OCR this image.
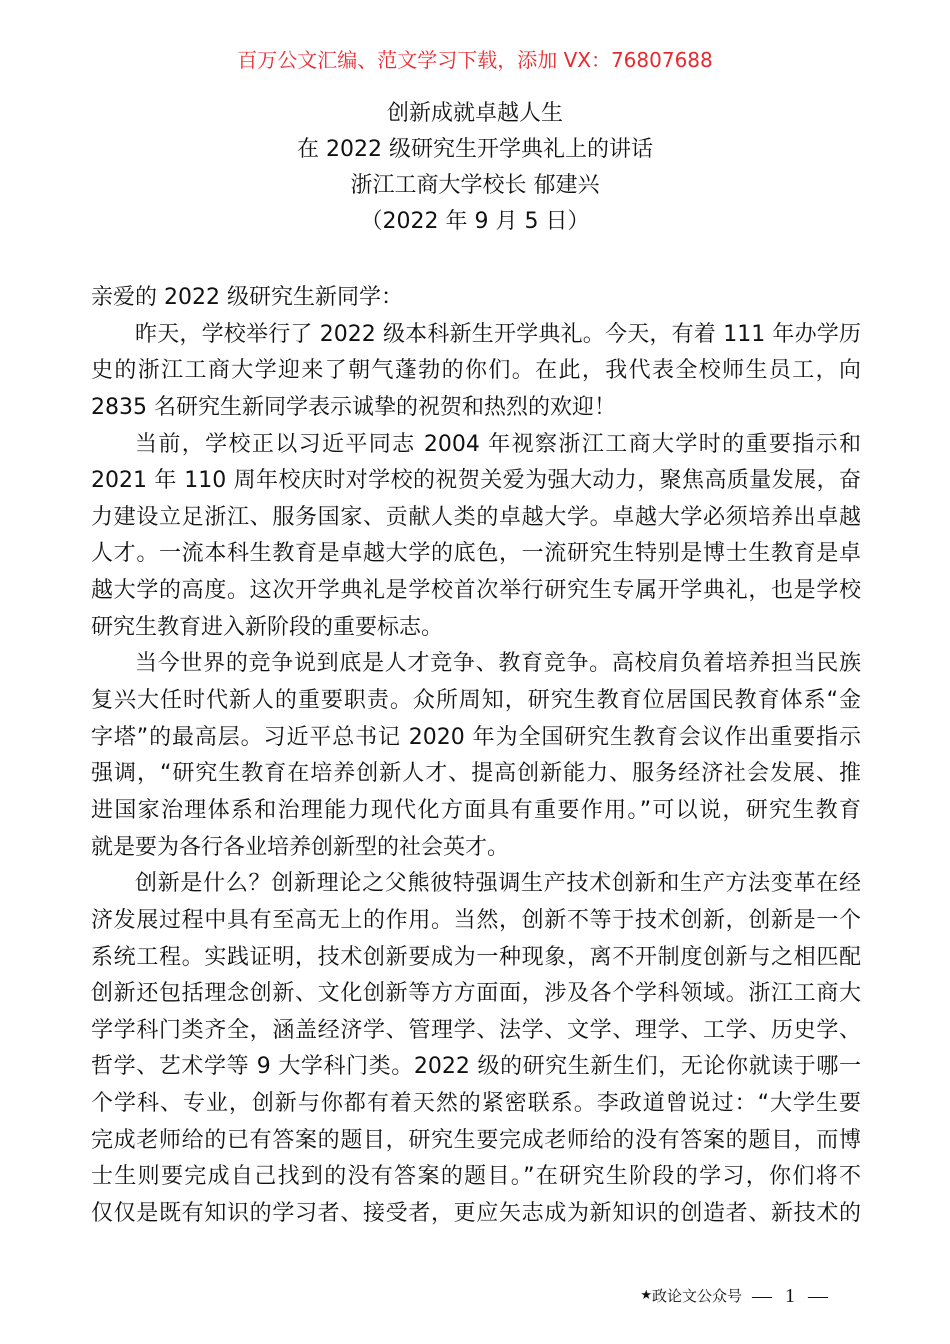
百万公文汇编、范文学习下载，添加 VX：76807688
创新成就卓越人生
在 2022 级研究生开学典礼上的讲话
浙江工商大学校长 郁建兴
（2022 年 9 月 5 日）
亲爱的 2022 级研究生新同学：
昨天，学校举行了 2022 级本科新生开学典礼。今天，有着 111 年办学历
史的浙江工商大学迎来了朝气蓬勃的你们。在此，我代表全校师生员工，向
2835 名研究生新同学表示诚挚的祝贺和热烈的欢迎！
当前，学校正以习近平同志 2004 年视察浙江工商大学时的重要指示和
2021 年 110 周年校庆时对学校的祝贺关爱为强大动力，聚焦高质量发展，奋
力建设立足浙江、服务国家、贡献人类的卓越大学。卓越大学必须培养出卓越
人才。一流本科生教育是卓越大学的底色，一流研究生特别是博士生教育是卓
越大学的高度。这次开学典礼是学校首次举行研究生专属开学典礼，也是学校
研究生教育进入新阶段的重要标志。
当今世界的竞争说到底是人才竞争、教育竞争。高校肩负着培养担当民族
复兴大任时代新人的重要职责。众所周知，研究生教育位居国民教育体系“金
字塔”的最高层。习近平总书记 2020 年为全国研究生教育会议作出重要指示
强调，“研究生教育在培养创新人才、提高创新能力、服务经济社会发展、推
进国家治理体系和治理能力现代化方面具有重要作用。”可以说，研究生教育
就是要为各行各业培养创新型的社会英才。
创新是什么？创新理论之父熊彼特强调生产技术创新和生产方法变革在经
济发展过程中具有至高无上的作用。当然，创新不等于技术创新，创新是一个
系统工程。实践证明，技术创新要成为一种现象，离不开制度创新与之相匹配
创新还包括理念创新、文化创新等方方面面，涉及各个学科领域。浙江工商大
学学科门类齐全，涵盖经济学、管理学、法学、文学、理学、工学、历史学、
哲学、艺术学等 9 大学科门类。2022 级的研究生新生们，无论你就读于哪一
个学科、专业，创新与你都有着天然的紧密联系。李政道曾说过：“大学生要
完成老师给的已有答案的题目，研究生要完成老师给的没有答案的题目，而博
士生则要完成自己找到的没有答案的题目。”在研究生阶段的学习，你们将不
仅仅是既有知识的学习者、接受者，更应矢志成为新知识的创造者、新技术的
★ 政论文公众号 — 1 —
